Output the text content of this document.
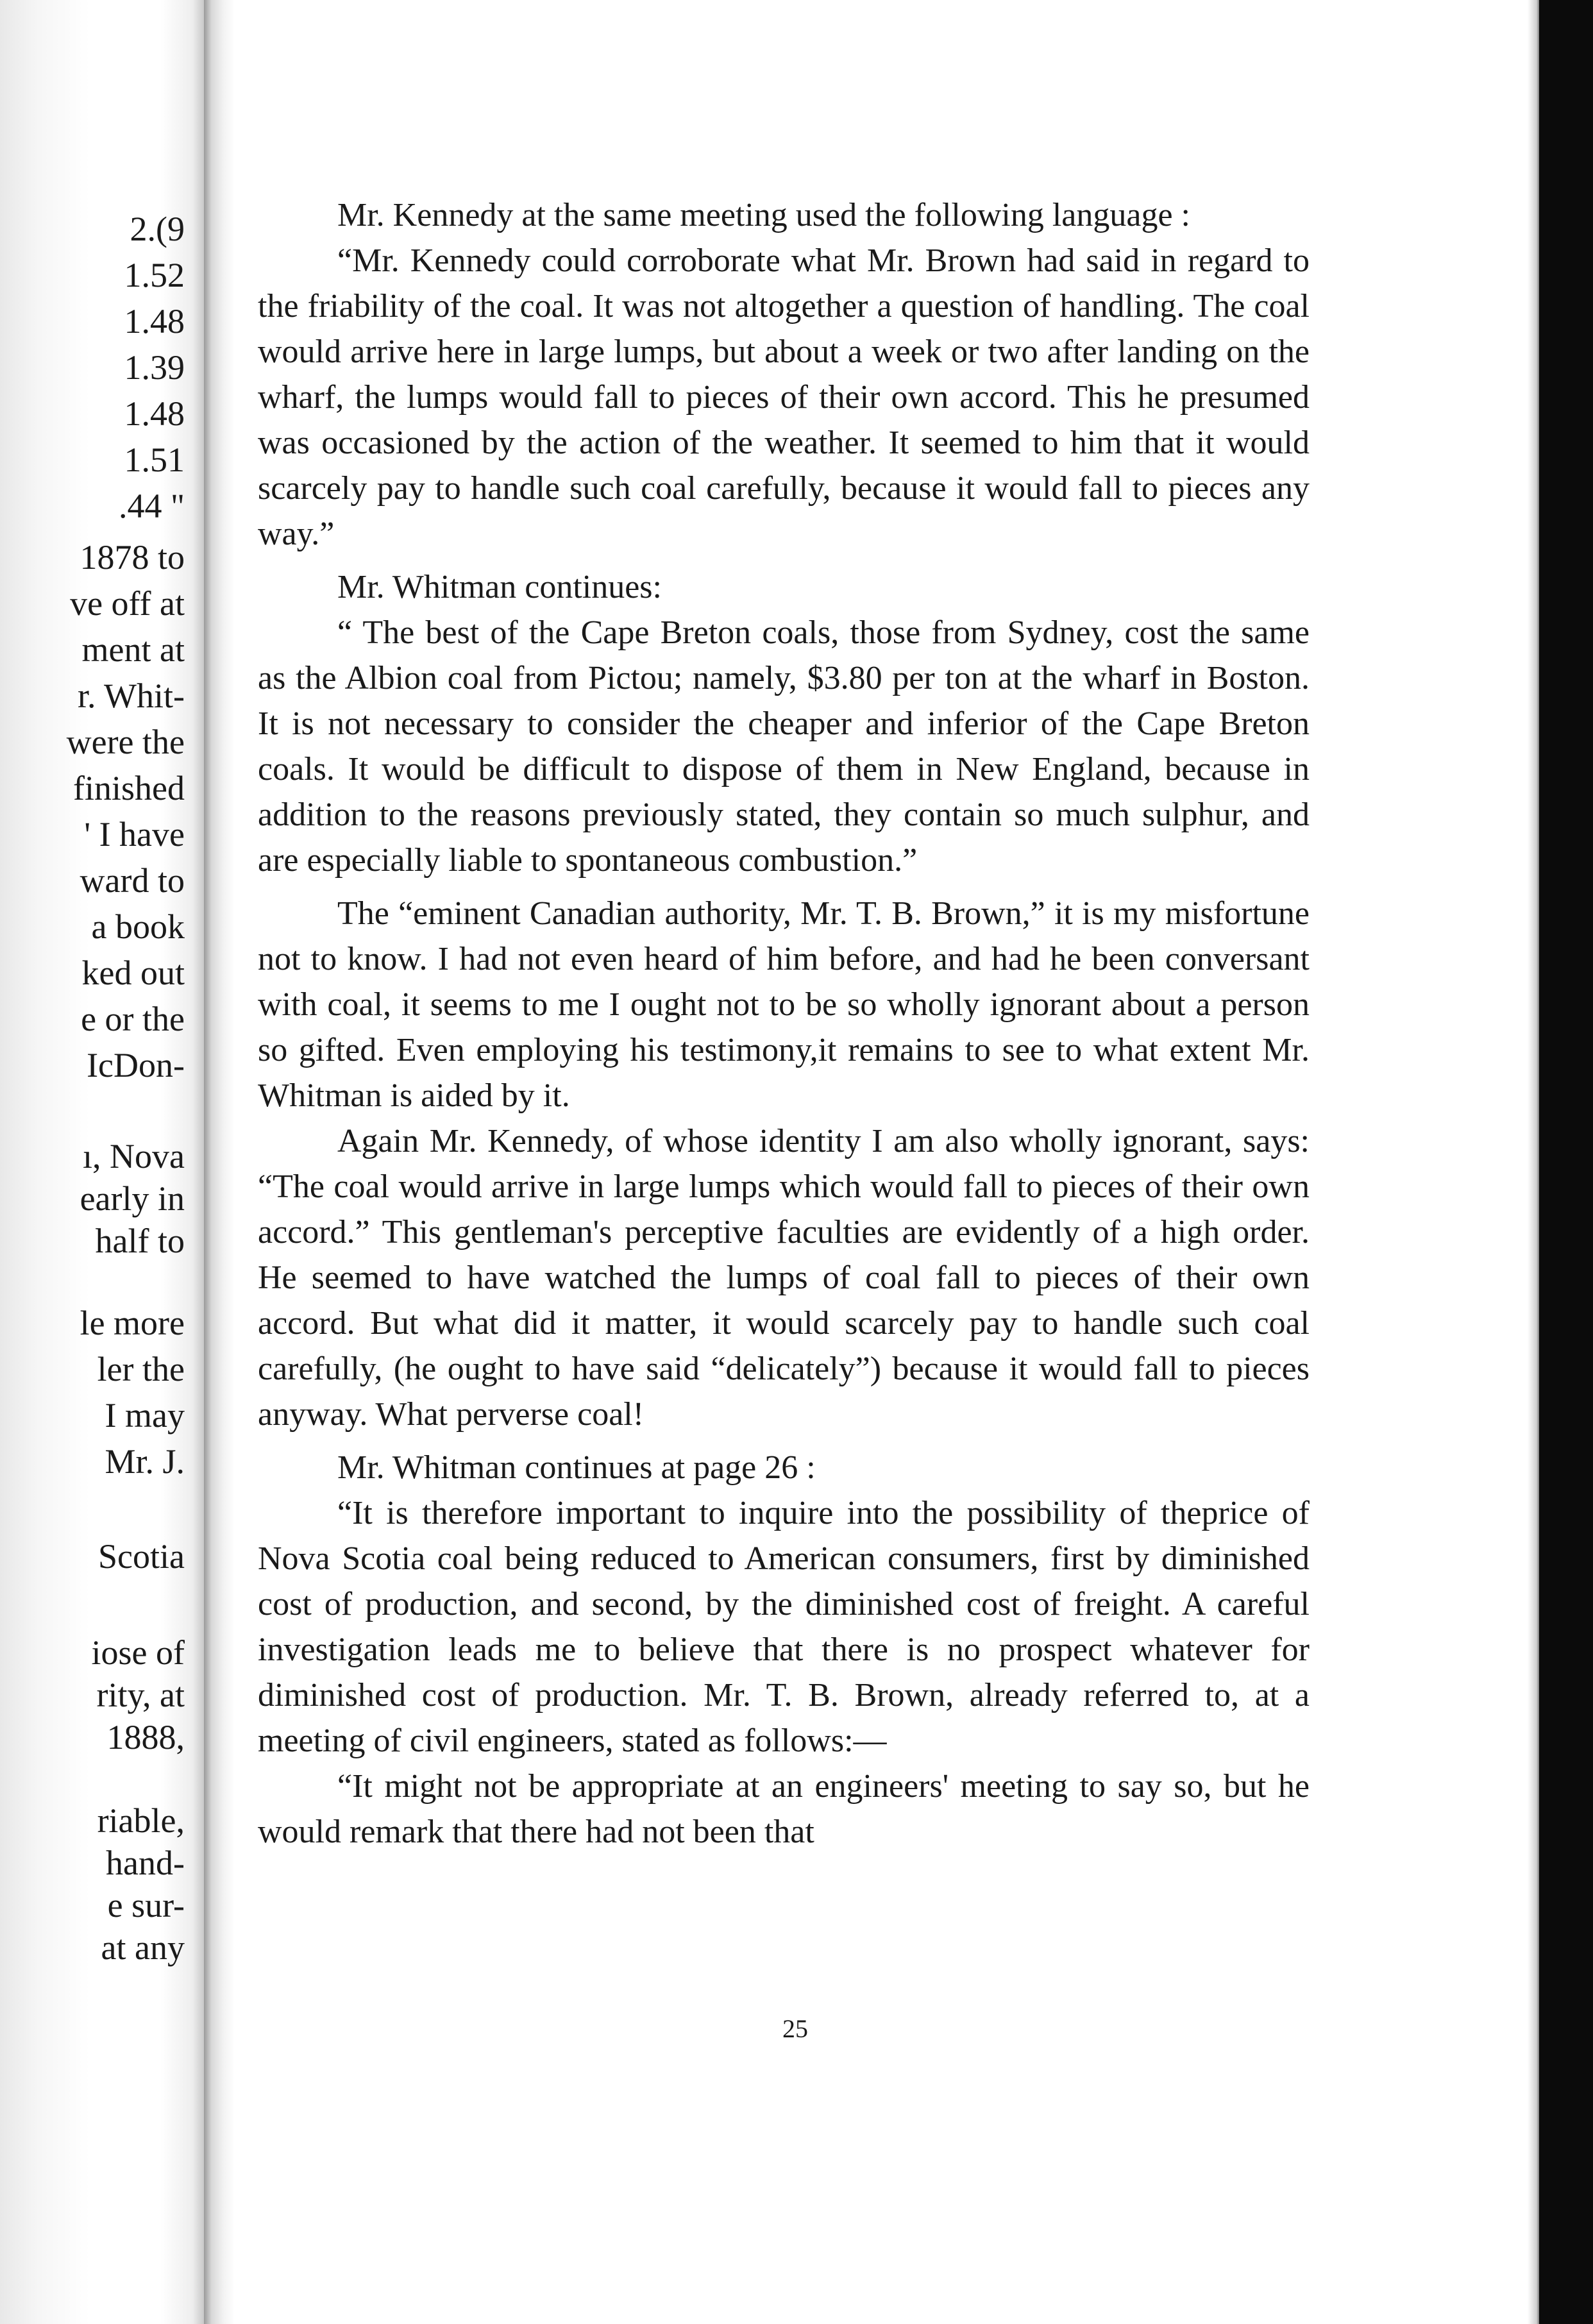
2.(9
1.52
1.48
1.39
1.48
1.51
.44 "
1878 to
ve off at
ment at
r. Whit-
were the
finished
' I have
ward to
a book
ked out
e or the
IcDon-
ı, Nova
early in
half to
le more
ler the
I may
Mr. J.
Scotia
iose of
rity, at
1888,
riable,
hand-
e sur-
at any

Mr. Kennedy at the same meeting used the following language :

“Mr. Kennedy could corroborate what Mr. Brown had said in regard to the friability of the coal. It was not altogether a question of handling. The coal would arrive here in large lumps, but about a week or two after landing on the wharf, the lumps would fall to pieces of their own accord. This he presumed was occasioned by the action of the weather. It seemed to him that it would scarcely pay to handle such coal carefully, because it would fall to pieces any way.”

Mr. Whitman continues:

“ The best of the Cape Breton coals, those from Sydney, cost the same as the Albion coal from Pictou; namely, $3.80 per ton at the wharf in Boston. It is not necessary to consider the cheaper and inferior of the Cape Breton coals. It would be difficult to dispose of them in New England, because in addition to the reasons previously stated, they contain so much sulphur, and are especially liable to spontaneous combustion.”

The “eminent Canadian authority, Mr. T. B. Brown,” it is my misfortune not to know. I had not even heard of him before, and had he been conversant with coal, it seems to me I ought not to be so wholly ignorant about a person so gifted. Even employing his testimony,it remains to see to what extent Mr. Whitman is aided by it.

Again Mr. Kennedy, of whose identity I am also wholly ignorant, says: “The coal would arrive in large lumps which would fall to pieces of their own accord.” This gentleman's perceptive faculties are evidently of a high order. He seemed to have watched the lumps of coal fall to pieces of their own accord. But what did it matter, it would scarcely pay to handle such coal carefully, (he ought to have said “delicately”) because it would fall to pieces anyway. What perverse coal!

Mr. Whitman continues at page 26 :

“It is therefore important to inquire into the possibility of theprice of Nova Scotia coal being reduced to American consumers, first by diminished cost of production, and second, by the diminished cost of freight. A careful investigation leads me to believe that there is no prospect whatever for diminished cost of production. Mr. T. B. Brown, already referred to, at a meeting of civil engineers, stated as follows:—

“It might not be appropriate at an engineers' meeting to say so, but he would remark that there had not been that

25
